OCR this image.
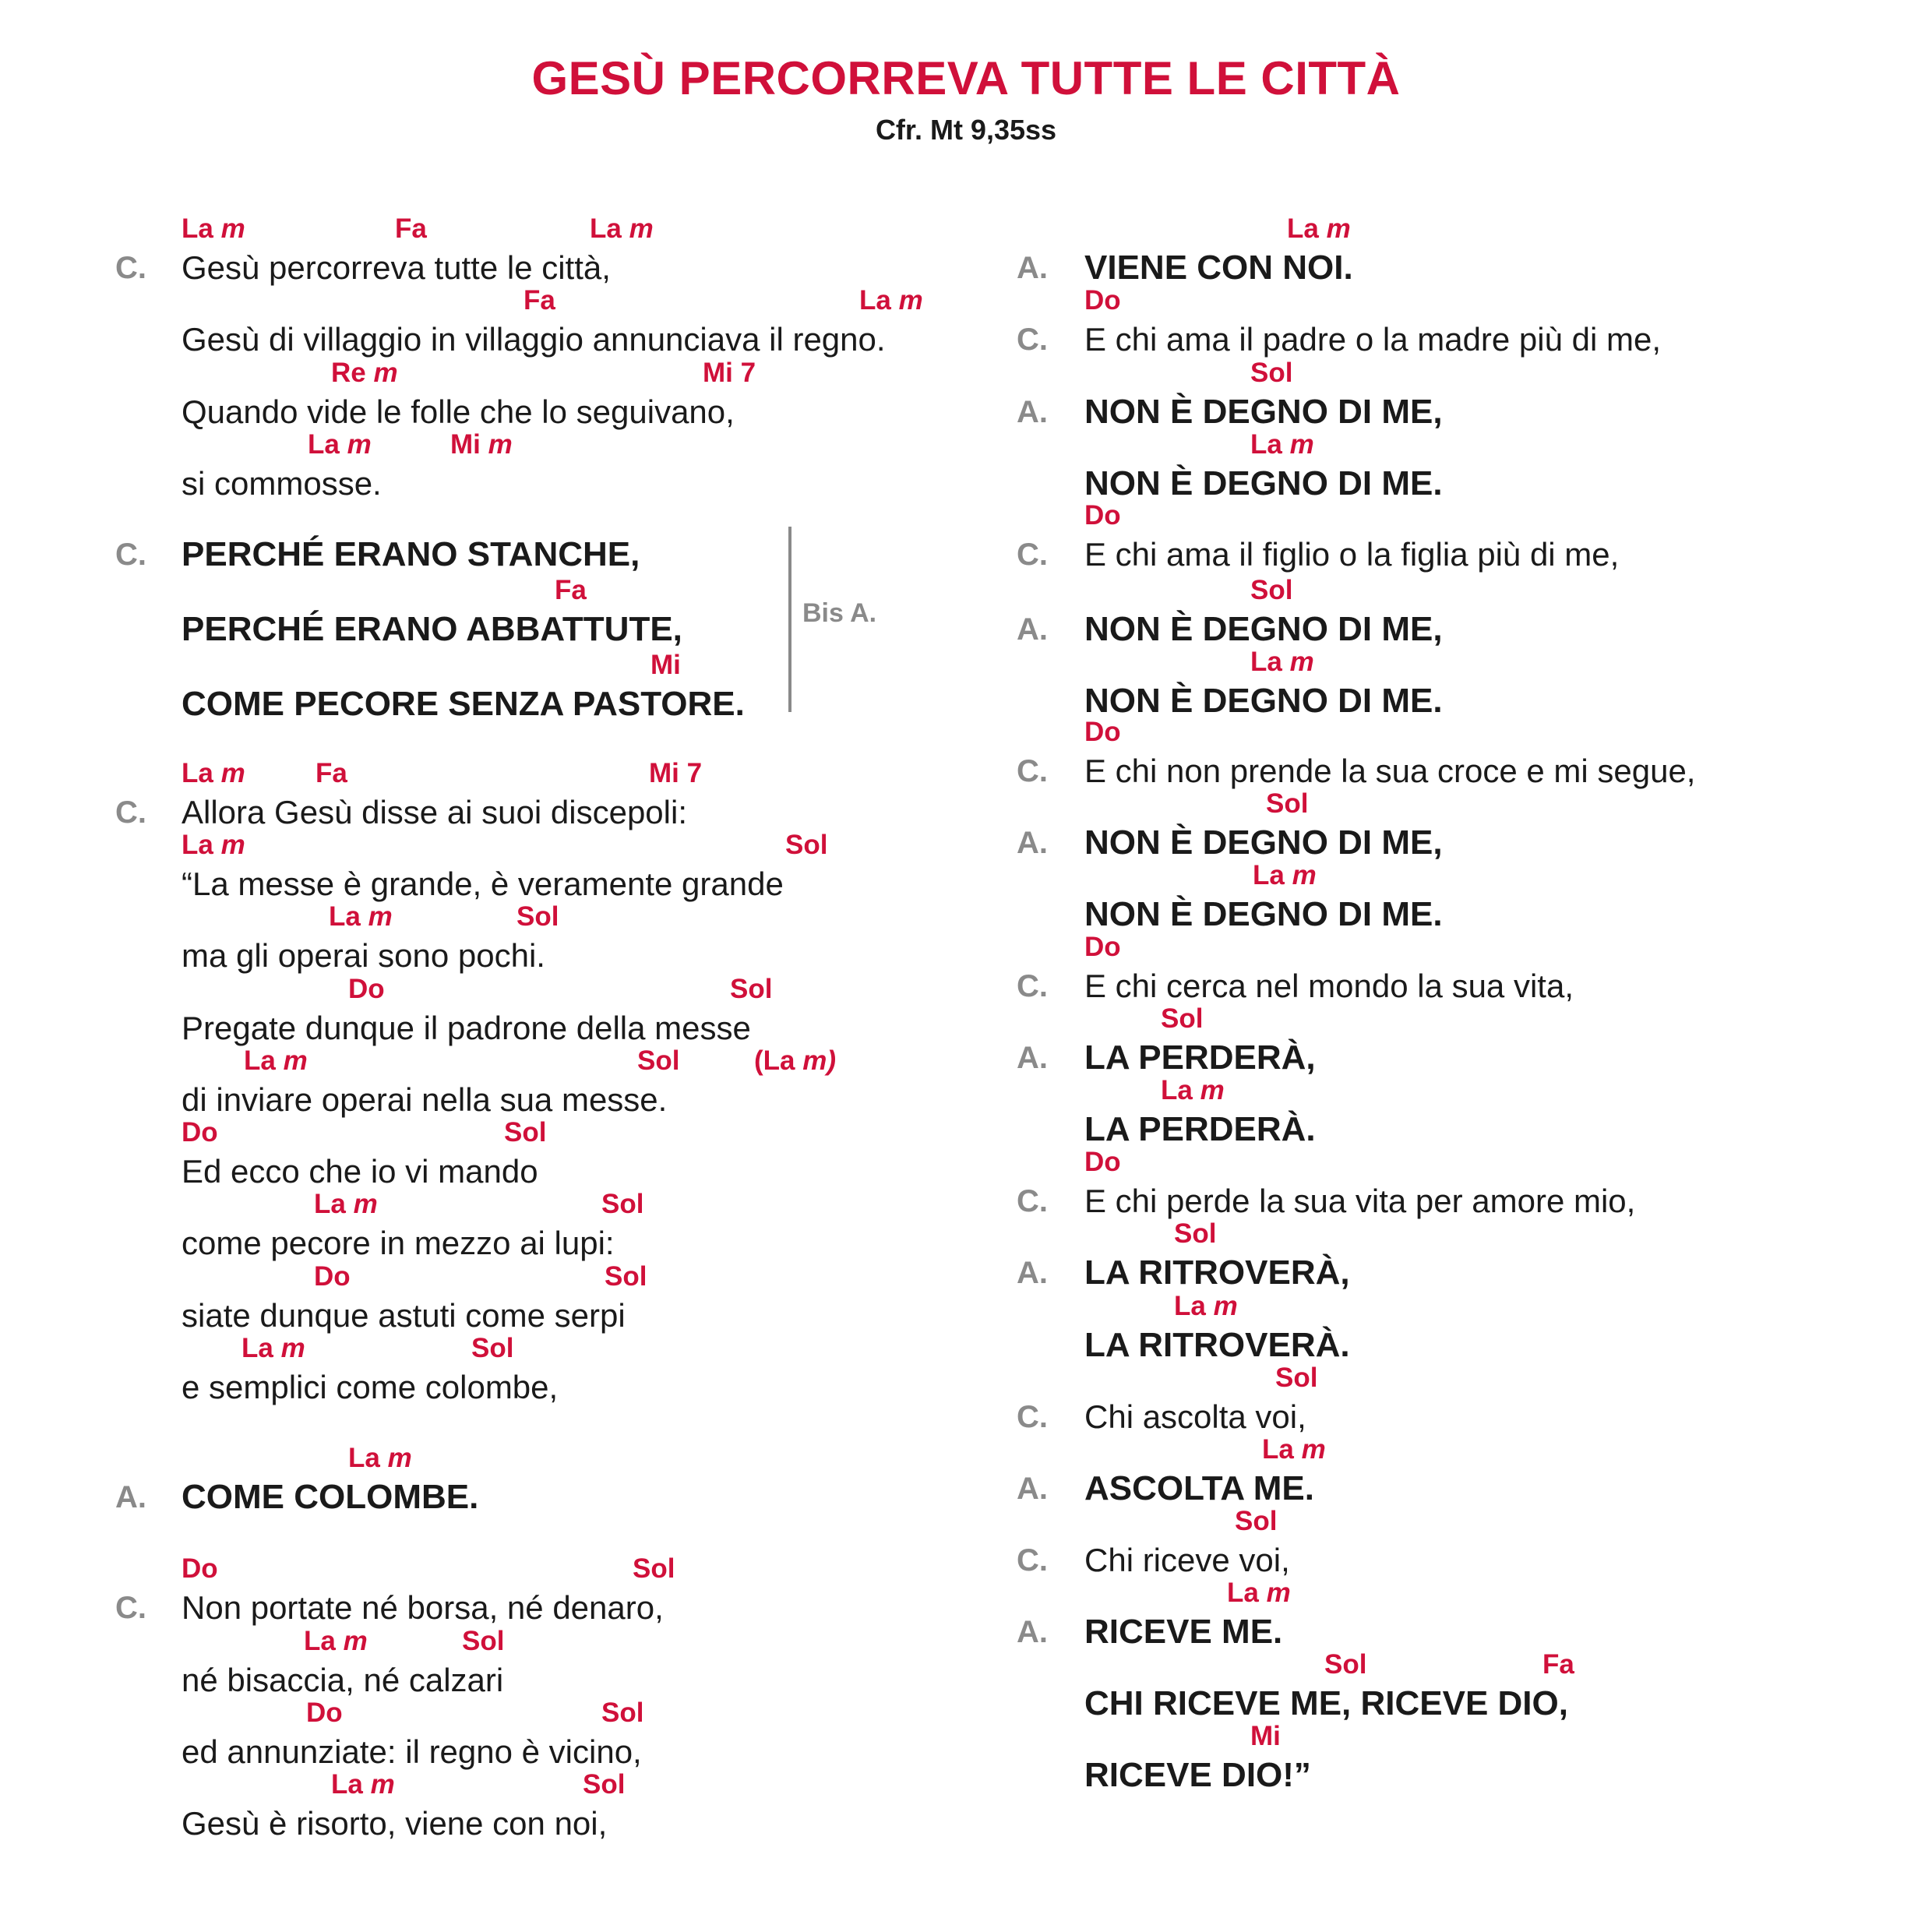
GESÙ PERCORREVA TUTTE LE CITTÀ
Cfr. Mt 9,35ss
C. Gesù percorreva tutte le città,
La m	Fa	La m
Gesù di villaggio in villaggio annunciava il regno.
Fa	La m
Quando vide le folle che lo seguivano,
Re m	Mi 7
si commosse.
La m	Mi m
C. PERCHÉ ERANO STANCHE,
PERCHÉ ERANO ABBATTUTE,
Fa
COME PECORE SENZA PASTORE.
Mi
C. Allora Gesù disse ai suoi discepoli:
La m	Fa	Mi 7
“La messe è grande, è veramente grande
La m	Sol
ma gli operai sono pochi.
La m	Sol
Pregate dunque il padrone della messe
Do	Sol
di inviare operai nella sua messe.
La m	Sol	(La m)
Ed ecco che io vi mando
Do	Sol
come pecore in mezzo ai lupi:
La m	Sol
siate dunque astuti come serpi
Do	Sol
e semplici come colombe,
La m	Sol
A. COME COLOMBE.
La m
C. Non portate né borsa, né denaro,
Do	Sol
né bisaccia, né calzari
La m	Sol
ed annunziate: il regno è vicino,
Do	Sol
Gesù è risorto, viene con noi,
La m	Sol
A. VIENE CON NOI.
La m
C. E chi ama il padre o la madre più di me,
Do
A. NON È DEGNO DI ME,
Sol
NON È DEGNO DI ME.
La m
C. E chi ama il figlio o la figlia più di me,
Do
A. NON È DEGNO DI ME,
Sol
NON È DEGNO DI ME.
La m
C. E chi non prende la sua croce e mi segue,
Do
A. NON È DEGNO DI ME,
Sol
NON È DEGNO DI ME.
La m
C. E chi cerca nel mondo la sua vita,
Do
A. LA PERDERÀ,
Sol
LA PERDERÀ.
La m
C. E chi perde la sua vita per amore mio,
Do
A. LA RITROVERÀ,
Sol
LA RITROVERÀ.
La m
C. Chi ascolta voi,
Sol
A. ASCOLTA ME.
La m
C. Chi riceve voi,
Sol
A. RICEVE ME.
La m
CHI RICEVE ME, RICEVE DIO,
Sol	Fa
RICEVE DIO!”
Mi
Bis A.
